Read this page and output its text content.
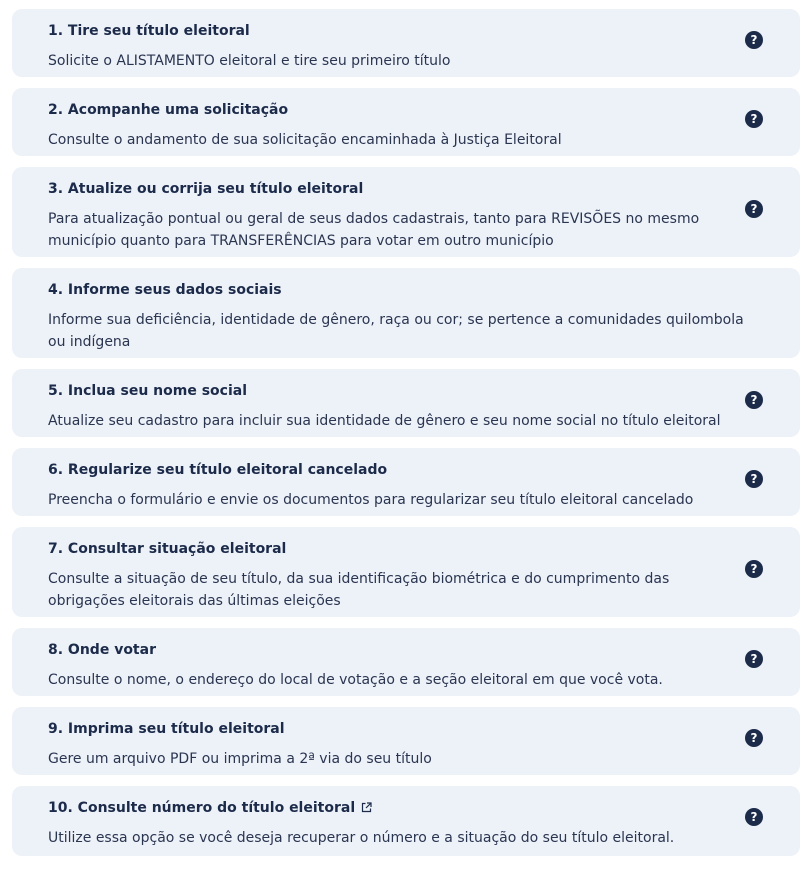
1. Tire seu título eleitoral
Solicite o ALISTAMENTO eleitoral e tire seu primeiro título
?
2. Acompanhe uma solicitação
Consulte o andamento de sua solicitação encaminhada à Justiça Eleitoral
?
3. Atualize ou corrija seu título eleitoral
Para atualização pontual ou geral de seus dados cadastrais, tanto para REVISÕES no mesmo município quanto para TRANSFERÊNCIAS para votar em outro município
?
4. Informe seus dados sociais
Informe sua deficiência, identidade de gênero, raça ou cor; se pertence a comunidades quilombola ou indígena
5. Inclua seu nome social
Atualize seu cadastro para incluir sua identidade de gênero e seu nome social no título eleitoral
?
6. Regularize seu título eleitoral cancelado
Preencha o formulário e envie os documentos para regularizar seu título eleitoral cancelado
?
7. Consultar situação eleitoral
Consulte a situação de seu título, da sua identificação biométrica e do cumprimento das obrigações eleitorais das últimas eleições
?
8. Onde votar
Consulte o nome, o endereço do local de votação e a seção eleitoral em que você vota.
?
9. Imprima seu título eleitoral
Gere um arquivo PDF ou imprima a 2ª via do seu título
?
10. Consulte número do título eleitoral
Utilize essa opção se você deseja recuperar o número e a situação do seu título eleitoral.
?
